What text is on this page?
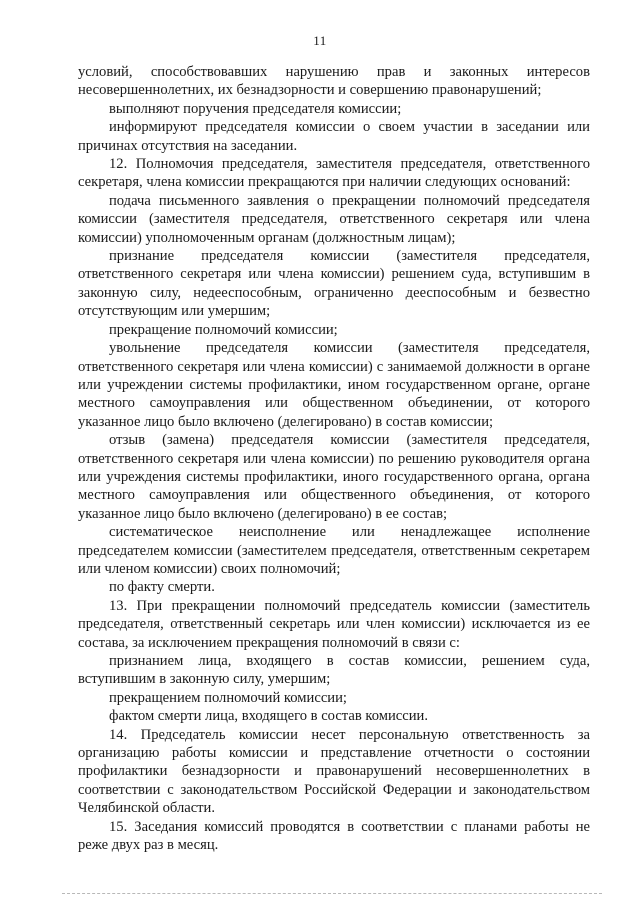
11

условий, способствовавших нарушению прав и законных интересов несовершеннолетних, их безнадзорности и совершению правонарушений;

выполняют поручения председателя комиссии;

информируют председателя комиссии о своем участии в заседании или причинах отсутствия на заседании.

12. Полномочия председателя, заместителя председателя, ответственного секретаря, члена комиссии прекращаются при наличии следующих оснований:

подача письменного заявления о прекращении полномочий председателя комиссии (заместителя председателя, ответственного секретаря или члена комиссии) уполномоченным органам (должностным лицам);

признание председателя комиссии (заместителя председателя, ответственного секретаря или члена комиссии) решением суда, вступившим в законную силу, недееспособным, ограниченно дееспособным и безвестно отсутствующим или умершим;

прекращение полномочий комиссии;

увольнение председателя комиссии (заместителя председателя, ответственного секретаря или члена комиссии) с занимаемой должности в органе или учреждении системы профилактики, ином государственном органе, органе местного самоуправления или общественном объединении, от которого указанное лицо было включено (делегировано) в состав комиссии;

отзыв (замена) председателя комиссии (заместителя председателя, ответственного секретаря или члена комиссии) по решению руководителя органа или учреждения системы профилактики, иного государственного органа, органа местного самоуправления или общественного объединения, от которого указанное лицо было включено (делегировано) в ее состав;

систематическое неисполнение или ненадлежащее исполнение председателем комиссии (заместителем председателя, ответственным секретарем или членом комиссии) своих полномочий;

по факту смерти.

13. При прекращении полномочий председатель комиссии (заместитель председателя, ответственный секретарь или член комиссии) исключается из ее состава, за исключением прекращения полномочий в связи с:

признанием лица, входящего в состав комиссии, решением суда, вступившим в законную силу, умершим;

прекращением полномочий комиссии;

фактом смерти лица, входящего в состав комиссии.

14. Председатель комиссии несет персональную ответственность за организацию работы комиссии и представление отчетности о состоянии профилактики безнадзорности и правонарушений несовершеннолетних в соответствии с законодательством Российской Федерации и законодательством Челябинской области.

15. Заседания комиссий проводятся в соответствии с планами работы не реже двух раз в месяц.
